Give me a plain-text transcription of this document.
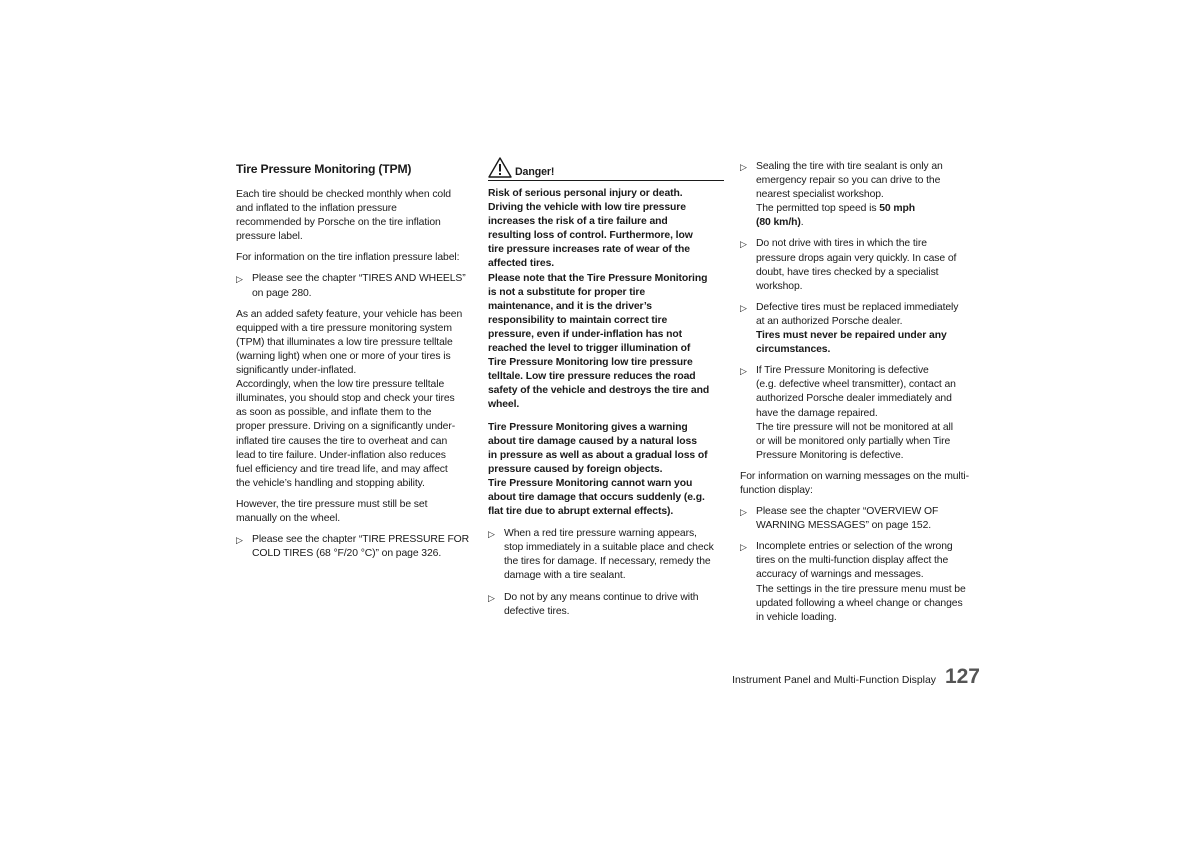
Tire Pressure Monitoring (TPM)
Each tire should be checked monthly when cold
and inflated to the inflation pressure
recommended by Porsche on the tire inflation
pressure label.
For information on the tire inflation pressure label:
▷ Please see the chapter “TIRES AND WHEELS”
on page 280.
As an added safety feature, your vehicle has been
equipped with a tire pressure monitoring system
(TPM) that illuminates a low tire pressure telltale
(warning light) when one or more of your tires is
significantly under-inflated.
Accordingly, when the low tire pressure telltale
illuminates, you should stop and check your tires
as soon as possible, and inflate them to the
proper pressure. Driving on a significantly under-
inflated tire causes the tire to overheat and can
lead to tire failure. Under-inflation also reduces
fuel efficiency and tire tread life, and may affect
the vehicle’s handling and stopping ability.
However, the tire pressure must still be set
manually on the wheel.
▷ Please see the chapter “TIRE PRESSURE FOR
COLD TIRES (68 °F/20 °C)” on page 326.
Danger!
Risk of serious personal injury or death.
Driving the vehicle with low tire pressure
increases the risk of a tire failure and
resulting loss of control. Furthermore, low
tire pressure increases rate of wear of the
affected tires.
Please note that the Tire Pressure Monitoring
is not a substitute for proper tire
maintenance, and it is the driver’s
responsibility to maintain correct tire
pressure, even if under-inflation has not
reached the level to trigger illumination of
Tire Pressure Monitoring low tire pressure
telltale. Low tire pressure reduces the road
safety of the vehicle and destroys the tire and
wheel.
Tire Pressure Monitoring gives a warning
about tire damage caused by a natural loss
in pressure as well as about a gradual loss of
pressure caused by foreign objects.
Tire Pressure Monitoring cannot warn you
about tire damage that occurs suddenly (e.g.
flat tire due to abrupt external effects).
▷ When a red tire pressure warning appears,
stop immediately in a suitable place and check
the tires for damage. If necessary, remedy the
damage with a tire sealant.
▷ Do not by any means continue to drive with
defective tires.
▷ Sealing the tire with tire sealant is only an
emergency repair so you can drive to the
nearest specialist workshop.
The permitted top speed is 50 mph
(80 km/h).
▷ Do not drive with tires in which the tire
pressure drops again very quickly. In case of
doubt, have tires checked by a specialist
workshop.
▷ Defective tires must be replaced immediately
at an authorized Porsche dealer.
Tires must never be repaired under any
circumstances.
▷ If Tire Pressure Monitoring is defective
(e.g. defective wheel transmitter), contact an
authorized Porsche dealer immediately and
have the damage repaired.
The tire pressure will not be monitored at all
or will be monitored only partially when Tire
Pressure Monitoring is defective.
For information on warning messages on the multi-
function display:
▷ Please see the chapter “OVERVIEW OF
WARNING MESSAGES” on page 152.
▷ Incomplete entries or selection of the wrong
tires on the multi-function display affect the
accuracy of warnings and messages.
The settings in the tire pressure menu must be
updated following a wheel change or changes
in vehicle loading.
Instrument Panel and Multi-Function Display 127
